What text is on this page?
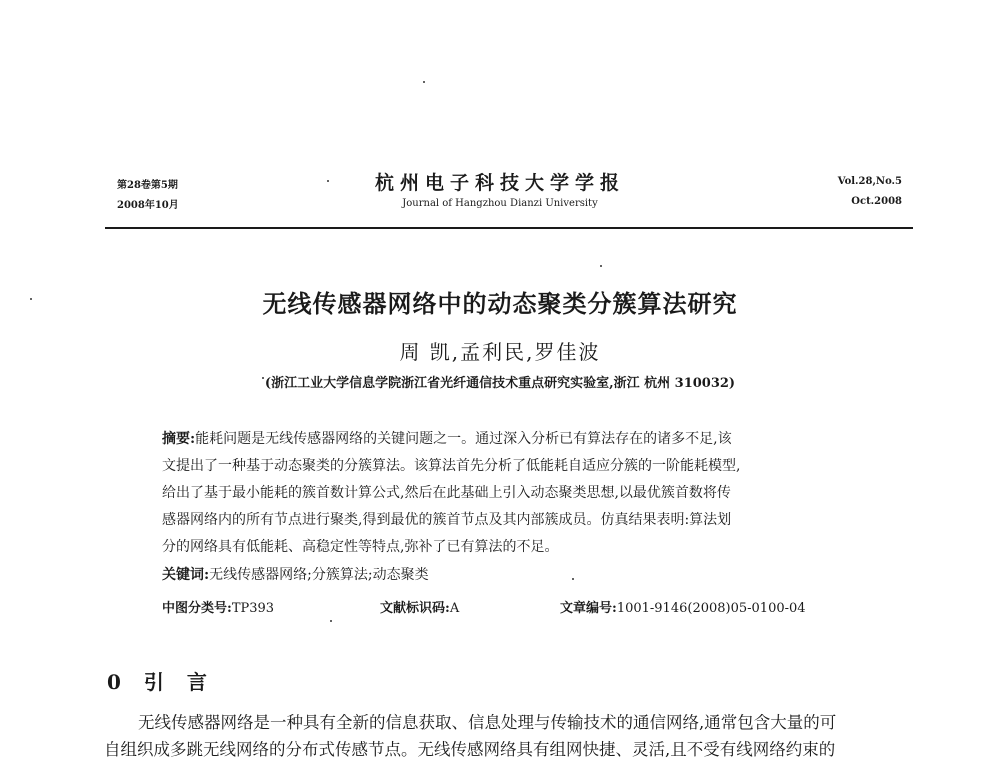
第28卷第5期
2008年10月
杭州电子科技大学学报
Journal of Hangzhou Dianzi University
Vol.28,No.5
Oct.2008
无线传感器网络中的动态聚类分簇算法研究
周 凯,孟利民,罗佳波
(浙江工业大学信息学院浙江省光纤通信技术重点研究实验室,浙江 杭州 310032)
摘要:能耗问题是无线传感器网络的关键问题之一。通过深入分析已有算法存在的诸多不足,该
文提出了一种基于动态聚类的分簇算法。该算法首先分析了低能耗自适应分簇的一阶能耗模型,
给出了基于最小能耗的簇首数计算公式,然后在此基础上引入动态聚类思想,以最优簇首数将传
感器网络内的所有节点进行聚类,得到最优的簇首节点及其内部簇成员。仿真结果表明:算法划
分的网络具有低能耗、高稳定性等特点,弥补了已有算法的不足。
关键词:无线传感器网络;分簇算法;动态聚类
中图分类号:TP393	文献标识码:A	文章编号:1001-9146(2008)05-0100-04
0 引 言
无线传感器网络是一种具有全新的信息获取、信息处理与传输技术的通信网络,通常包含大量的可
自组织成多跳无线网络的分布式传感节点。无线传感网络具有组网快捷、灵活,且不受有线网络约束的
